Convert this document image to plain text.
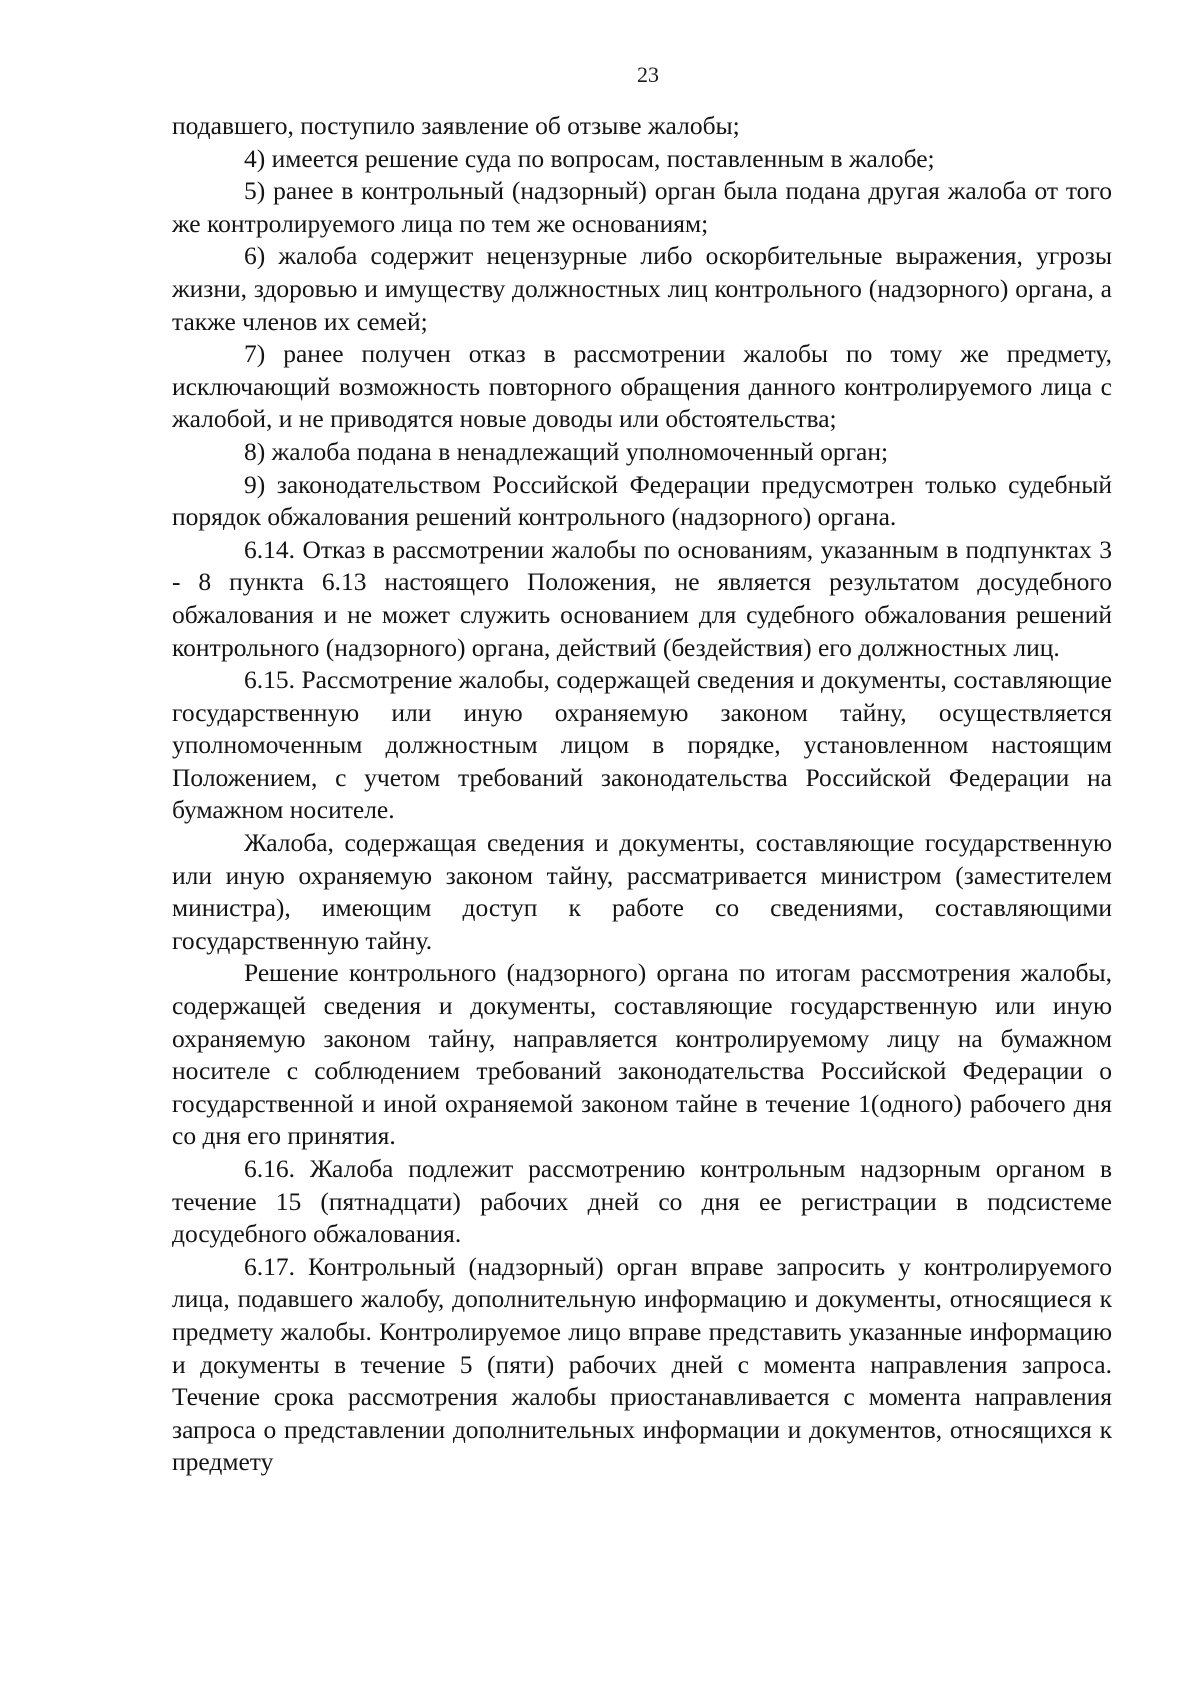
23

подавшего, поступило заявление об отзыве жалобы;

4) имеется решение суда по вопросам, поставленным в жалобе;

5) ранее в контрольный (надзорный) орган была подана другая жалоба от того же контролируемого лица по тем же основаниям;

6) жалоба содержит нецензурные либо оскорбительные выражения, угрозы жизни, здоровью и имуществу должностных лиц контрольного (надзорного) органа, а также членов их семей;

7) ранее получен отказ в рассмотрении жалобы по тому же предмету, исключающий возможность повторного обращения данного контролируемого лица с жалобой, и не приводятся новые доводы или обстоятельства;

8) жалоба подана в ненадлежащий уполномоченный орган;

9) законодательством Российской Федерации предусмотрен только судебный порядок обжалования решений контрольного (надзорного) органа.

6.14. Отказ в рассмотрении жалобы по основаниям, указанным в подпунктах 3 - 8 пункта 6.13 настоящего Положения, не является результатом досудебного обжалования и не может служить основанием для судебного обжалования решений контрольного (надзорного) органа, действий (бездействия) его должностных лиц.

6.15. Рассмотрение жалобы, содержащей сведения и документы, составляющие государственную или иную охраняемую законом тайну, осуществляется уполномоченным должностным лицом в порядке, установленном настоящим Положением, с учетом требований законодательства Российской Федерации на бумажном носителе.

Жалоба, содержащая сведения и документы, составляющие государственную или иную охраняемую законом тайну, рассматривается министром (заместителем министра), имеющим доступ к работе со сведениями, составляющими государственную тайну.

Решение контрольного (надзорного) органа по итогам рассмотрения жалобы, содержащей сведения и документы, составляющие государственную или иную охраняемую законом тайну, направляется контролируемому лицу на бумажном носителе с соблюдением требований законодательства Российской Федерации о государственной и иной охраняемой законом тайне в течение 1(одного) рабочего дня со дня его принятия.

6.16. Жалоба подлежит рассмотрению контрольным надзорным органом в течение 15 (пятнадцати) рабочих дней со дня ее регистрации в подсистеме досудебного обжалования.

6.17. Контрольный (надзорный) орган вправе запросить у контролируемого лица, подавшего жалобу, дополнительную информацию и документы, относящиеся к предмету жалобы. Контролируемое лицо вправе представить указанные информацию и документы в течение 5 (пяти) рабочих дней с момента направления запроса. Течение срока рассмотрения жалобы приостанавливается с момента направления запроса о представлении дополнительных информации и документов, относящихся к предмету
